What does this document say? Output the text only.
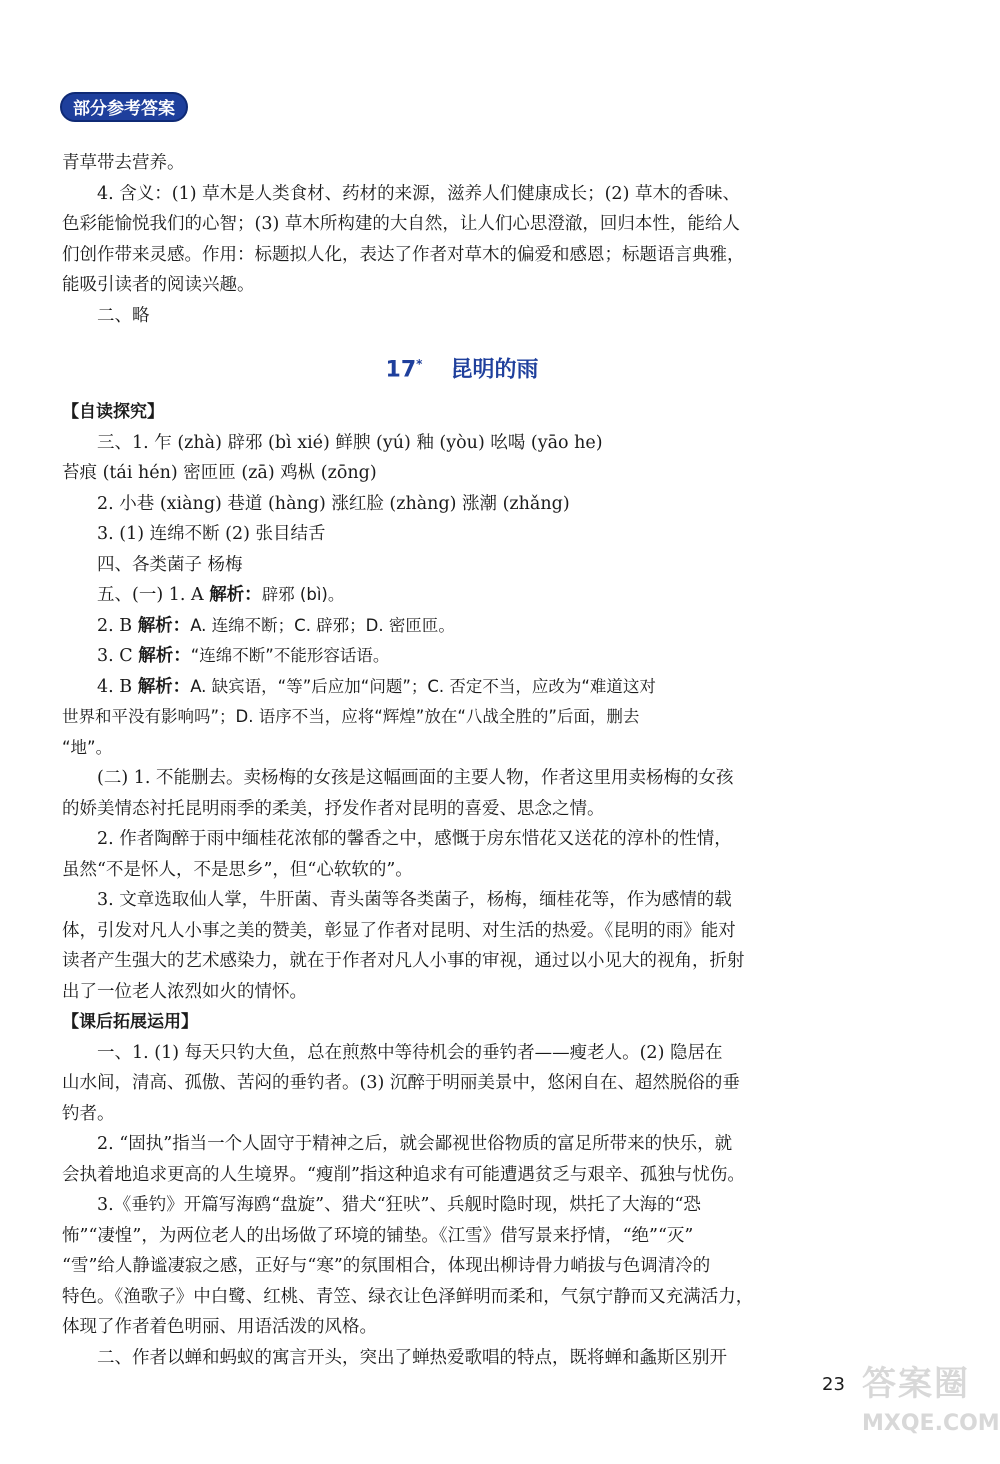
部分参考答案
青草带去营养。
4. 含义：(1) 草木是人类食材、药材的来源，滋养人们健康成长；(2) 草木的香味、
色彩能愉悦我们的心智；(3) 草木所构建的大自然，让人们心思澄澈，回归本性，能给人
们创作带来灵感。作用：标题拟人化，表达了作者对草木的偏爱和感恩；标题语言典雅，
能吸引读者的阅读兴趣。
二、略
17* 昆明的雨
【自读探究】
三、1. 乍 (zhà) 辟邪 (bì xié) 鲜腴 (yú) 釉 (yòu) 吆喝 (yāo he)
苔痕 (tái hén) 密匝匝 (zā) 鸡枞 (zōng)
2. 小巷 (xiàng) 巷道 (hàng) 涨红脸 (zhàng) 涨潮 (zhǎng)
3. (1) 连绵不断 (2) 张目结舌
四、各类菌子 杨梅
五、(一) 1. A 解析：辟邪 (bì)。
2. B 解析：A. 连绵不断；C. 辟邪；D. 密匝匝。
3. C 解析：“连绵不断”不能形容话语。
4. B 解析：A. 缺宾语，“等”后应加“问题”；C. 否定不当，应改为“难道这对
世界和平没有影响吗”；D. 语序不当，应将“辉煌”放在“八战全胜的”后面，删去
“地”。
(二) 1. 不能删去。卖杨梅的女孩是这幅画面的主要人物，作者这里用卖杨梅的女孩
的娇美情态衬托昆明雨季的柔美，抒发作者对昆明的喜爱、思念之情。
2. 作者陶醉于雨中缅桂花浓郁的馨香之中，感慨于房东惜花又送花的淳朴的性情，
虽然“不是怀人，不是思乡”，但“心软软的”。
3. 文章选取仙人掌，牛肝菌、青头菌等各类菌子，杨梅，缅桂花等，作为感情的载
体，引发对凡人小事之美的赞美，彰显了作者对昆明、对生活的热爱。《昆明的雨》能对
读者产生强大的艺术感染力，就在于作者对凡人小事的审视，通过以小见大的视角，折射
出了一位老人浓烈如火的情怀。
【课后拓展运用】
一、1. (1) 每天只钓大鱼，总在煎熬中等待机会的垂钓者——瘦老人。(2) 隐居在
山水间，清高、孤傲、苦闷的垂钓者。(3) 沉醉于明丽美景中，悠闲自在、超然脱俗的垂
钓者。
2. “固执”指当一个人固守于精神之后，就会鄙视世俗物质的富足所带来的快乐，就
会执着地追求更高的人生境界。“瘦削”指这种追求有可能遭遇贫乏与艰辛、孤独与忧伤。
3.《垂钓》开篇写海鸥“盘旋”、猎犬“狂吠”、兵舰时隐时现，烘托了大海的“恐
怖”“凄惶”，为两位老人的出场做了环境的铺垫。《江雪》借写景来抒情，“绝”“灭”
“雪”给人静谧凄寂之感，正好与“寒”的氛围相合，体现出柳诗骨力峭拔与色调清冷的
特色。《渔歌子》中白鹭、红桃、青笠、绿衣让色泽鲜明而柔和，气氛宁静而又充满活力，
体现了作者着色明丽、用语活泼的风格。
二、作者以蝉和蚂蚁的寓言开头，突出了蝉热爱歌唱的特点，既将蝉和螽斯区别开
23 答案圈
MXQE.COM
